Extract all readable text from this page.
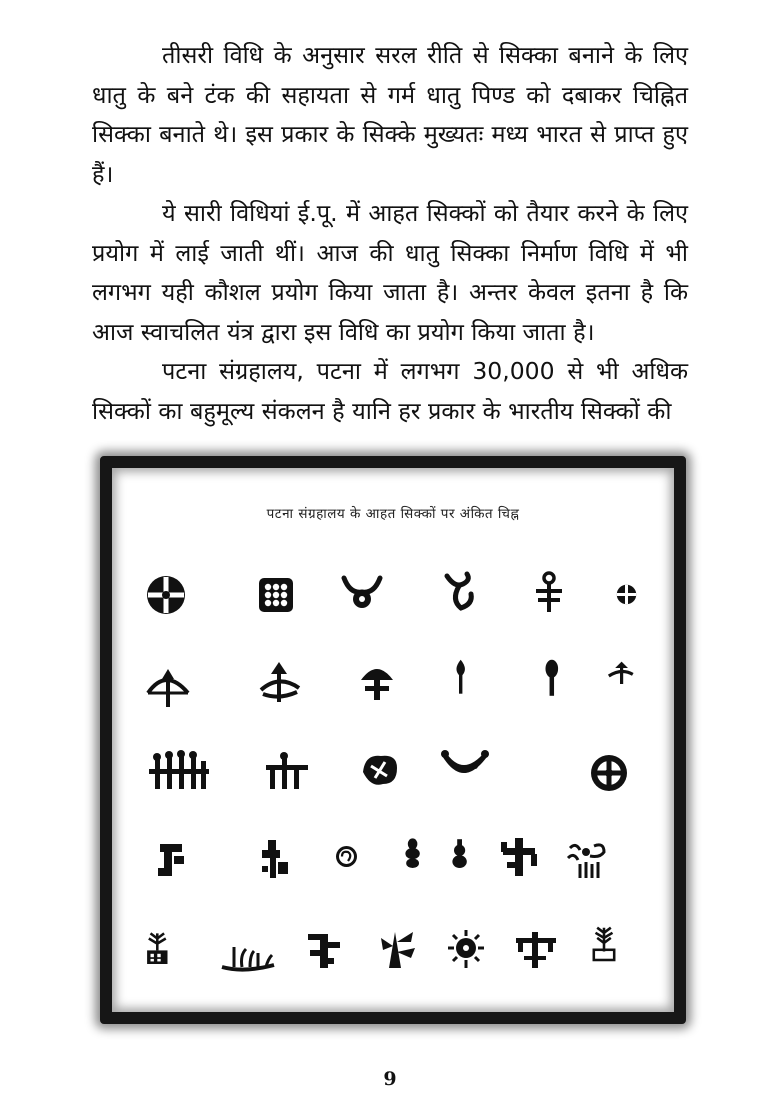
तीसरी विधि के अनुसार सरल रीति से सिक्का बनाने के लिए धातु के बने टंक की सहायता से गर्म धातु पिण्ड को दबाकर चिह्नित सिक्का बनाते थे। इस प्रकार के सिक्के मुख्यतः मध्य भारत से प्राप्त हुए हैं।

ये सारी विधियां ई.पू. में आहत सिक्कों को तैयार करने के लिए प्रयोग में लाई जाती थीं। आज की धातु सिक्का निर्माण विधि में भी लगभग यही कौशल प्रयोग किया जाता है। अन्तर केवल इतना है कि आज स्वाचलित यंत्र द्वारा इस विधि का प्रयोग किया जाता है।

पटना संग्रहालय, पटना में लगभग 30,000 से भी अधिक सिक्कों का बहुमूल्य संकलन है यानि हर प्रकार के भारतीय सिक्कों की

पटना संग्रहालय के आहत सिक्कों पर अंकित चिह्न
9
